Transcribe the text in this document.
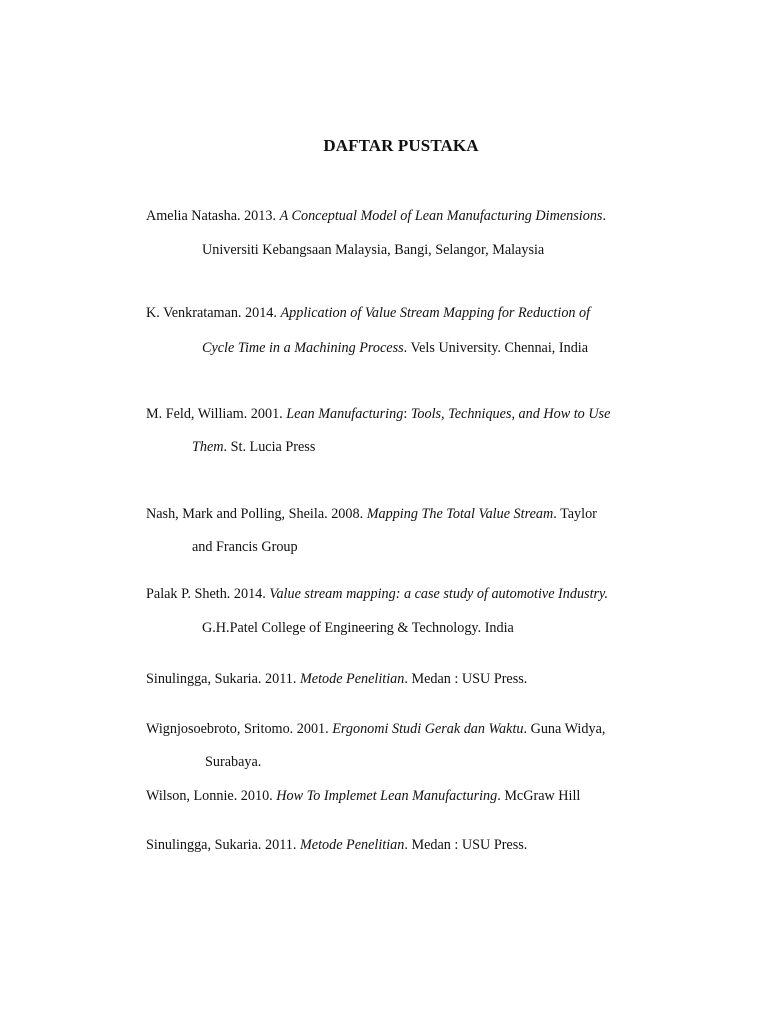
DAFTAR PUSTAKA
Amelia Natasha. 2013. A Conceptual Model of Lean Manufacturing Dimensions.
Universiti Kebangsaan Malaysia, Bangi, Selangor, Malaysia
K. Venkrataman. 2014. Application of Value Stream Mapping for Reduction of
Cycle Time in a Machining Process. Vels University. Chennai, India
M. Feld, William. 2001. Lean Manufacturing: Tools, Techniques, and How to Use
Them. St. Lucia Press
Nash, Mark and Polling, Sheila. 2008. Mapping The Total Value Stream. Taylor
and Francis Group
Palak P. Sheth. 2014. Value stream mapping: a case study of automotive Industry.
G.H.Patel College of Engineering & Technology. India
Sinulingga, Sukaria. 2011. Metode Penelitian. Medan : USU Press.
Wignjosoebroto, Sritomo. 2001. Ergonomi Studi Gerak dan Waktu. Guna Widya,
Surabaya.
Wilson, Lonnie. 2010. How To Implemet Lean Manufacturing. McGraw Hill
Sinulingga, Sukaria. 2011. Metode Penelitian. Medan : USU Press.
